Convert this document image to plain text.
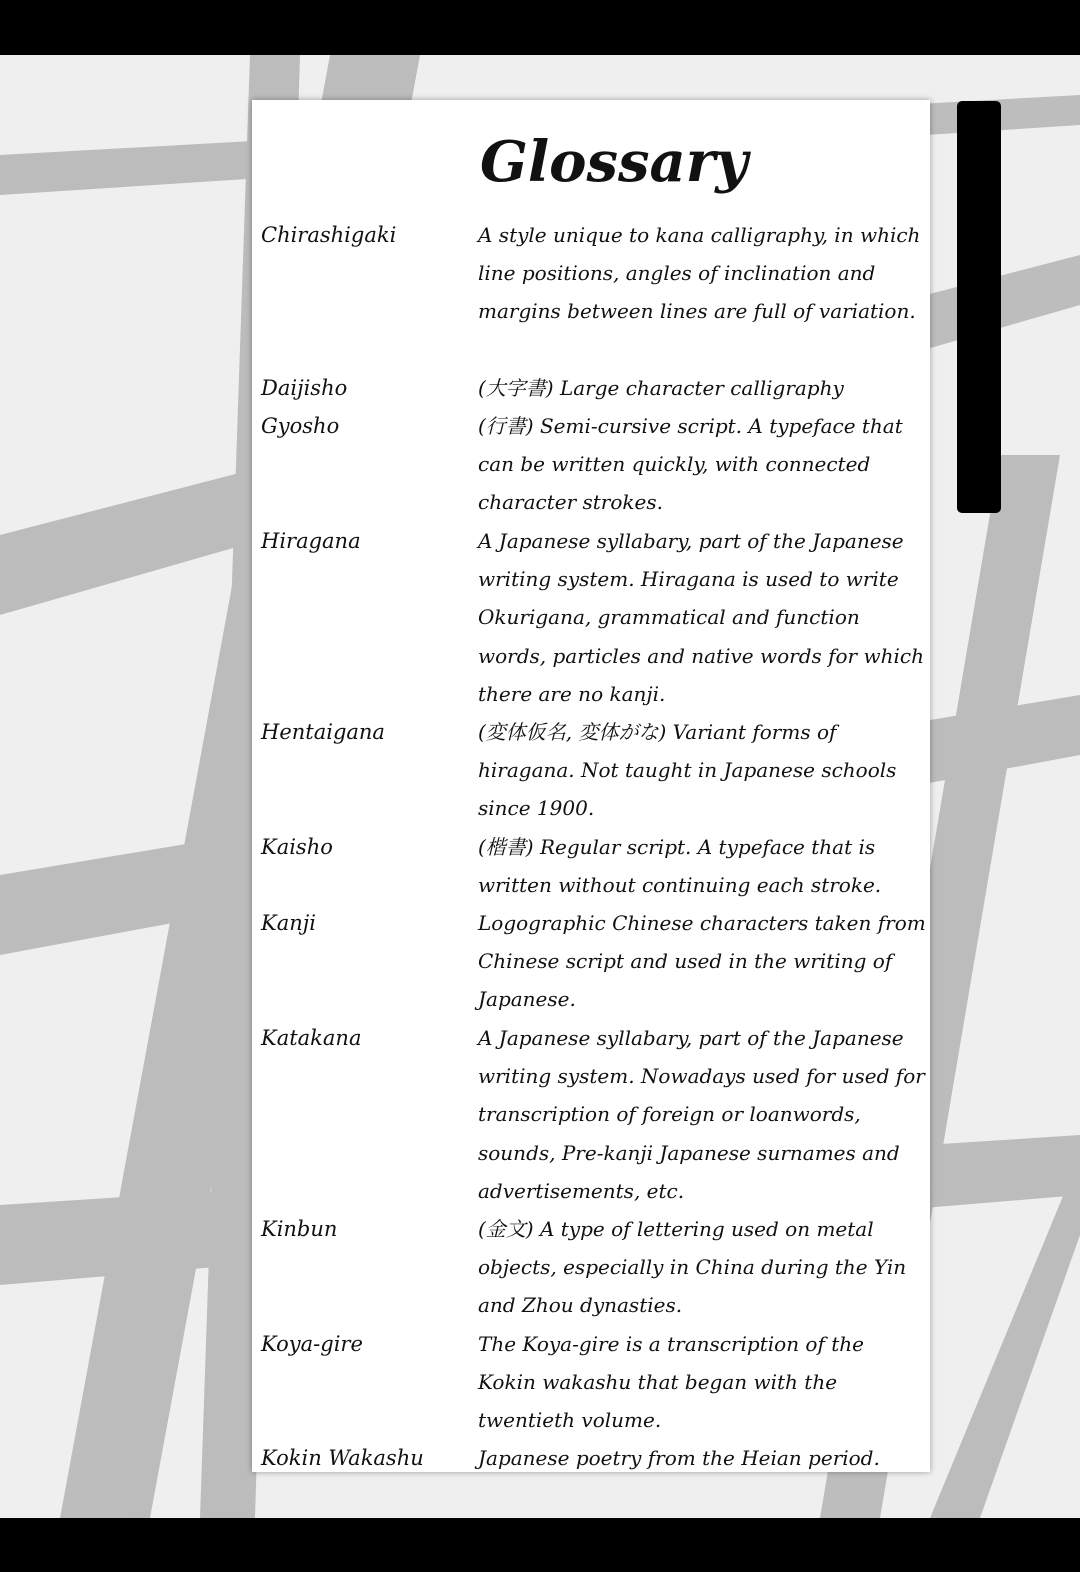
Glossary
Chirashigaki	A style unique to kana calligraphy, in which line positions, angles of inclination and margins between lines are full of variation.
Daijisho	(大字書) Large character calligraphy
Gyosho	(行書) Semi-cursive script. A typeface that can be written quickly, with connected character strokes.
Hiragana	A Japanese syllabary, part of the Japanese writing system. Hiragana is used to write Okurigana, grammatical and function words, particles and native words for which there are no kanji.
Hentaigana	(変体仮名, 変体がな) Variant forms of hiragana. Not taught in Japanese schools since 1900.
Kaisho	(楷書) Regular script. A typeface that is written without continuing each stroke.
Kanji	Logographic Chinese characters taken from Chinese script and used in the writing of Japanese.
Katakana	A Japanese syllabary, part of the Japanese writing system. Nowadays used for used for transcription of foreign or loanwords, sounds, Pre-kanji Japanese surnames and advertisements, etc.
Kinbun	(金文) A type of lettering used on metal objects, especially in China during the Yin and Zhou dynasties.
Koya-gire	The Koya-gire is a transcription of the Kokin wakashu that began with the twentieth volume.
Kokin Wakashu	Japanese poetry from the Heian period.
